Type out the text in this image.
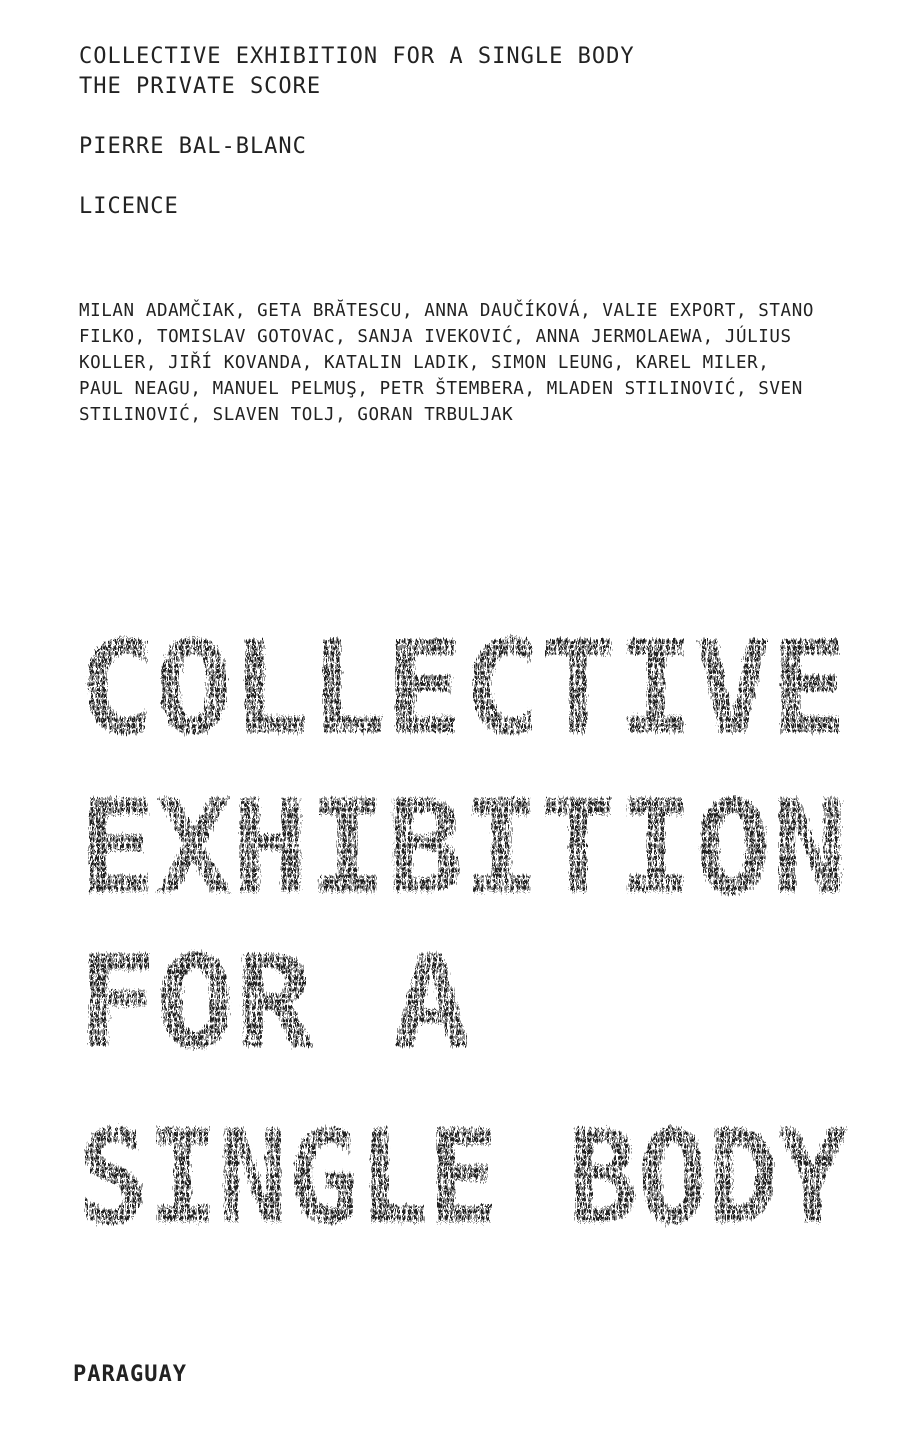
COLLECTIVE EXHIBITION FOR A SINGLE BODY
THE PRIVATE SCORE
PIERRE BAL-BLANC
LICENCE
MILAN ADAMČIAK, GETA BRĂTESCU, ANNA DAUČÍKOVÁ, VALIE EXPORT, STANO FILKO, TOMISLAV GOTOVAC, SANJA IVEKOVIĆ, ANNA JERMOLAEWA, JÚLIUS KOLLER, JIŘÍ KOVANDA, KATALIN LADIK, SIMON LEUNG, KAREL MILER, PAUL NEAGU, MANUEL PELMUŞ, PETR ŠTEMBERA, MLADEN STILINOVIĆ, SVEN STILINOVIĆ, SLAVEN TOLJ, GORAN TRBULJAK
COLLECTIVE
EXHIBITION
FOR A
SINGLE BODY
PARAGUAY
